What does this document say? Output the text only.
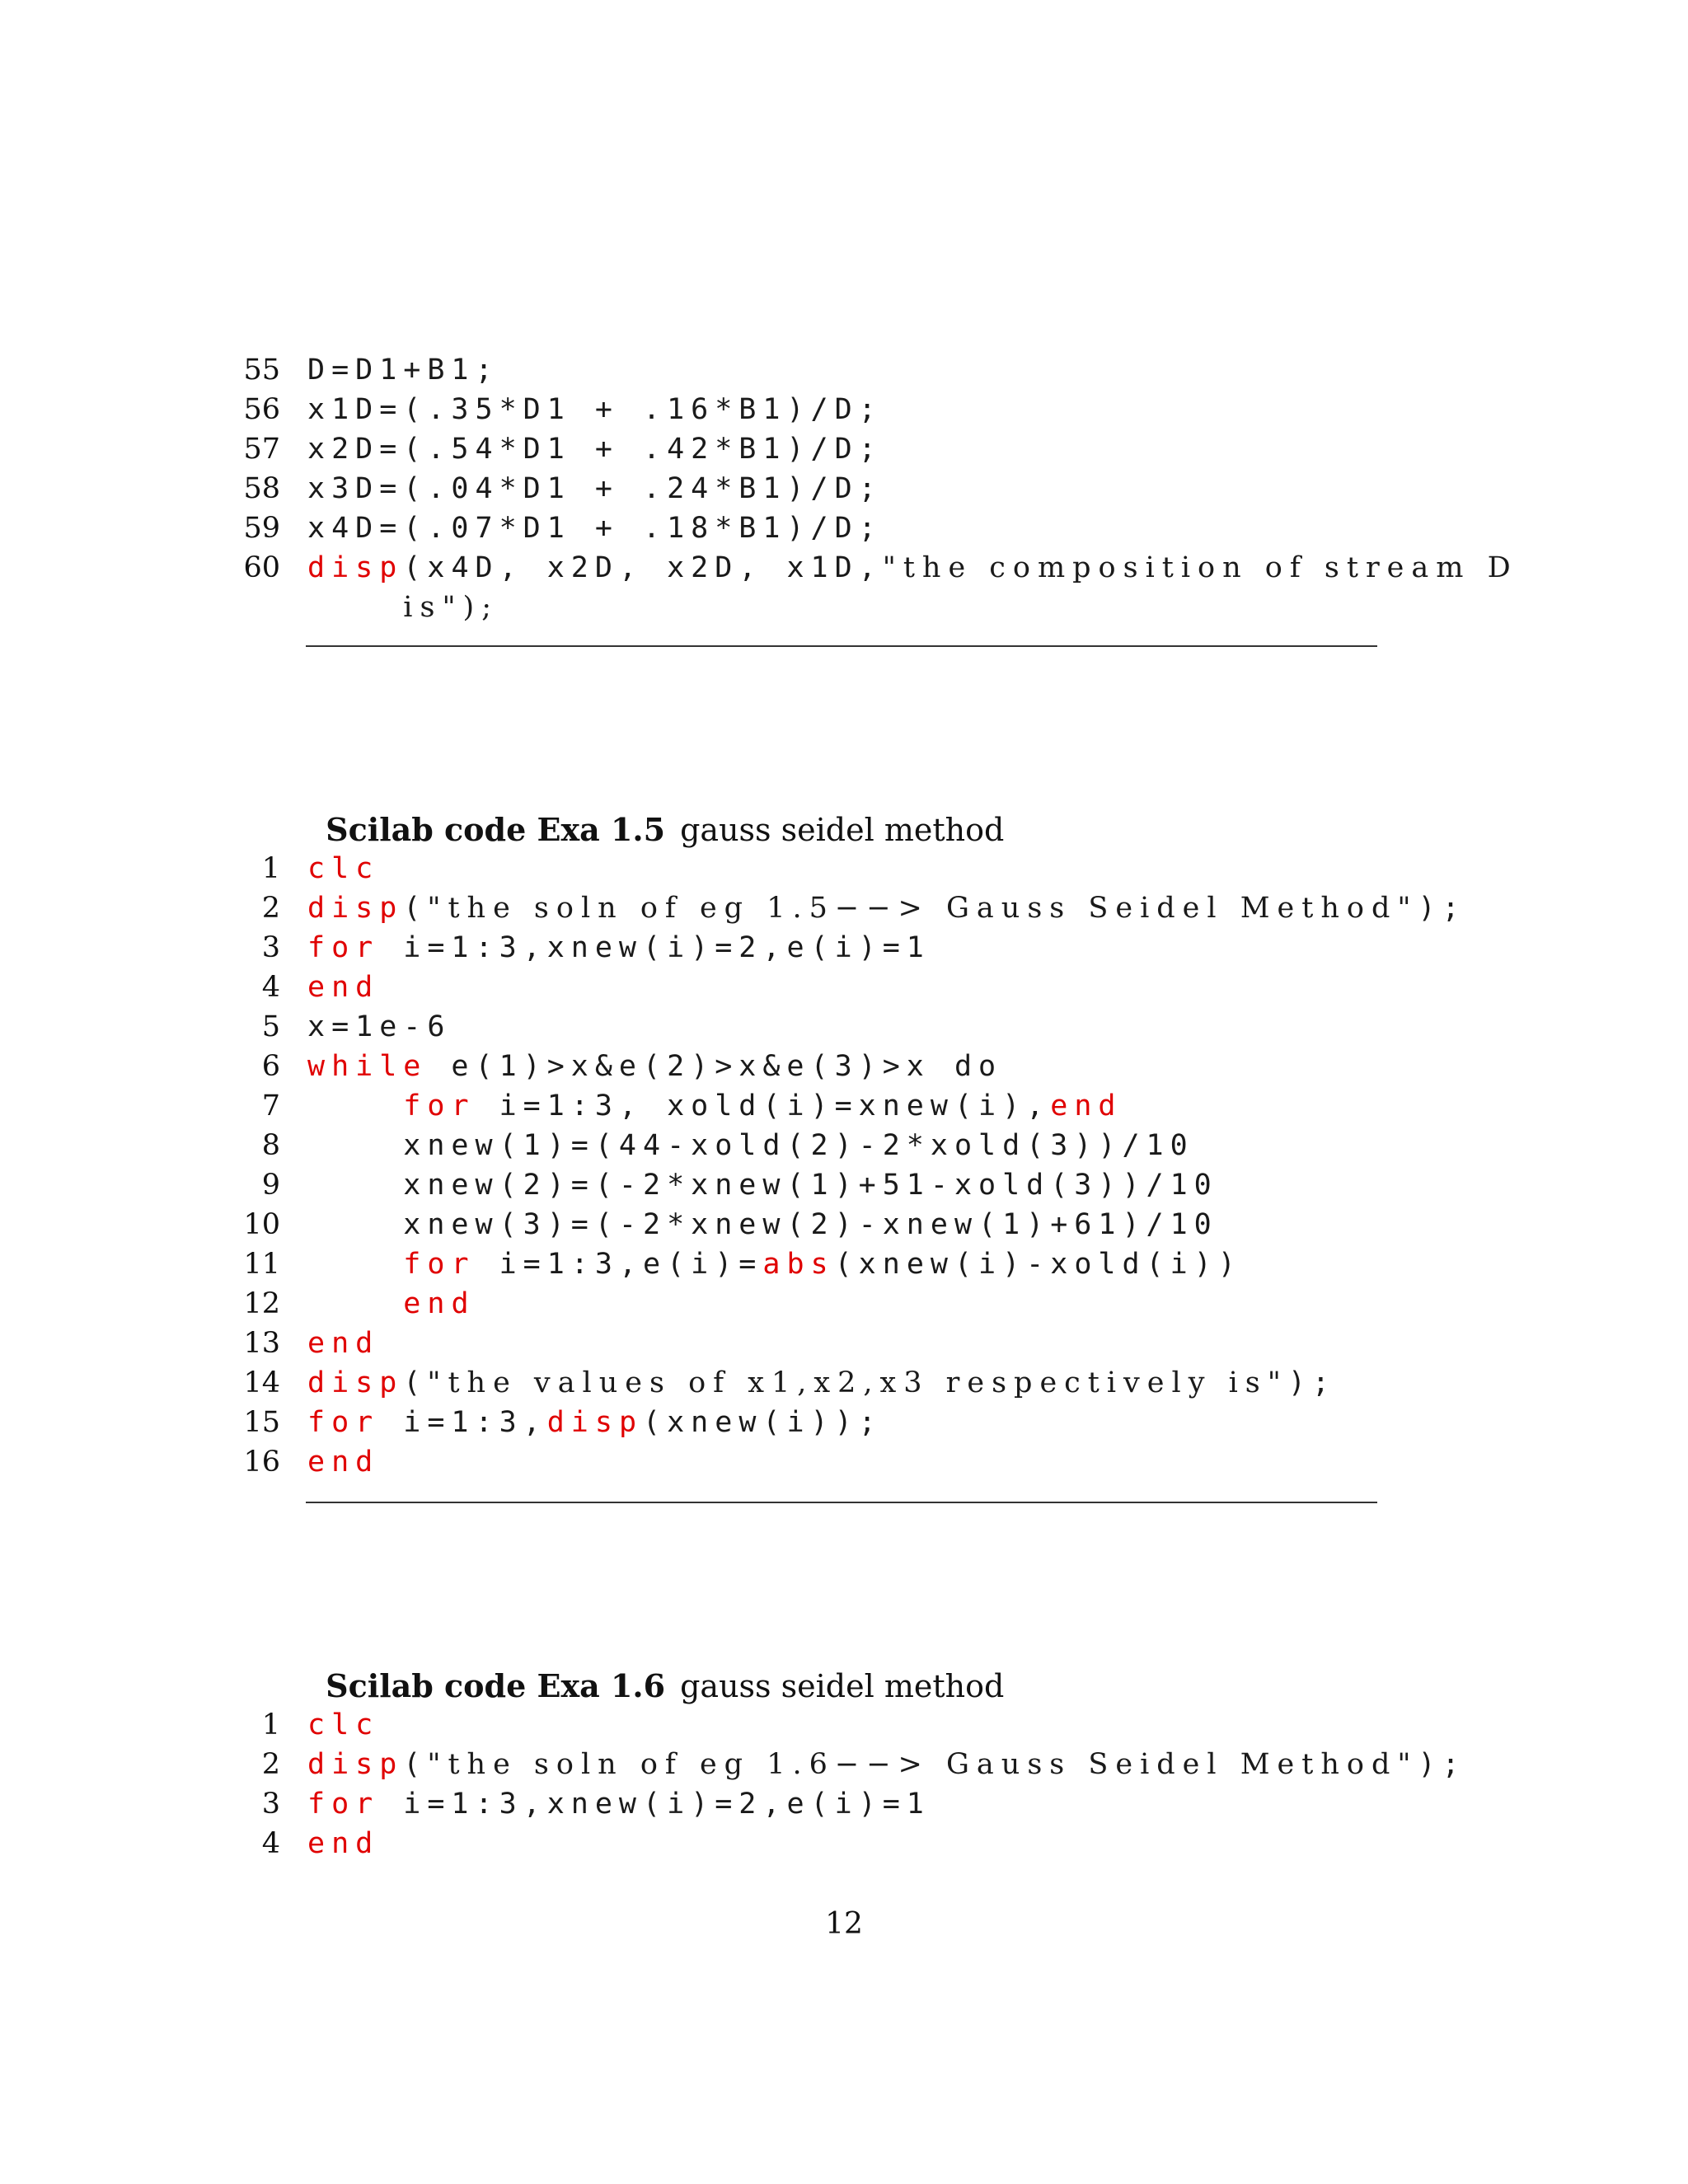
55 D=D1+B1;
56 x1D=(.35*D1 + .16*B1)/D;
57 x2D=(.54*D1 + .42*B1)/D;
58 x3D=(.04*D1 + .24*B1)/D;
59 x4D=(.07*D1 + .18*B1)/D;
60 disp(x4D, x2D, x2D, x1D,"the composition of stream D
is");

Scilab code Exa 1.5 gauss seidel method

1 clc
2 disp("the soln of eg 1.5−−> Gauss Seidel Method");
3 for i=1:3,xnew(i)=2,e(i)=1
4 end
5 x=1e-6
6 while e(1)>x&e(2)>x&e(3)>x do
7	for i=1:3, xold(i)=xnew(i),end
8 xnew(1)=(44-xold(2)-2*xold(3))/10
9 xnew(2)=(-2*xnew(1)+51-xold(3))/10
10 xnew(3)=(-2*xnew(2)-xnew(1)+61)/10
11	for i=1:3,e(i)=abs(xnew(i)-xold(i))
12	end
13 end
14 disp("the values of x1,x2,x3 respectively is");
15 for i=1:3,disp(xnew(i));
16 end

Scilab code Exa 1.6 gauss seidel method

1 clc
2 disp("the soln of eg 1.6−−> Gauss Seidel Method");
3 for i=1:3,xnew(i)=2,e(i)=1
4 end
12
